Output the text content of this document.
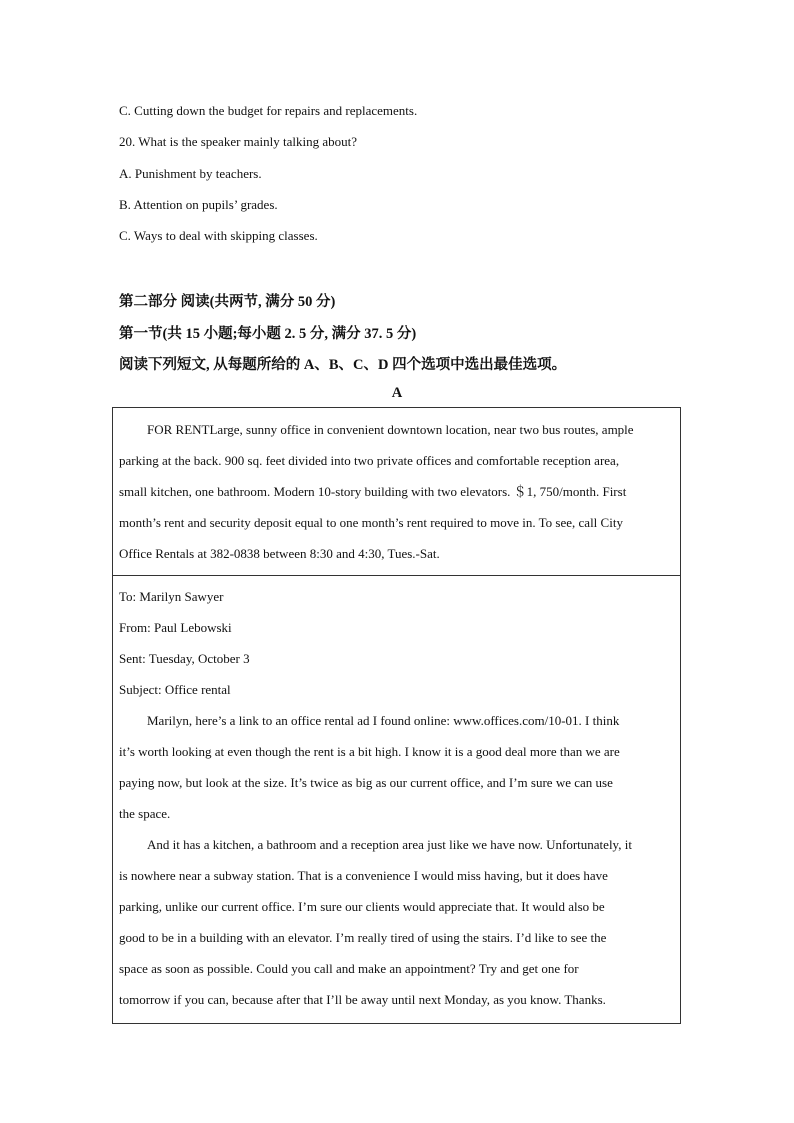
C. Cutting down the budget for repairs and replacements.
20. What is the speaker mainly talking about?
A. Punishment by teachers.
B. Attention on pupils’ grades.
C. Ways to deal with skipping classes.
第二部分 阅读(共两节, 满分 50 分)
第一节(共 15 小题;每小题 2. 5 分, 满分 37. 5 分)
阅读下列短文, 从每题所给的 A、B、C、D 四个选项中选出最佳选项。
A
FOR RENTLarge, sunny office in convenient downtown location, near two bus routes, ample
parking at the back. 900 sq. feet divided into two private offices and comfortable reception area,
small kitchen, one bathroom. Modern 10-story building with two elevators. ＄1, 750/month. First
month’s rent and security deposit equal to one month’s rent required to move in. To see, call City
Office Rentals at 382-0838 between 8:30 and 4:30, Tues.-Sat.
To: Marilyn Sawyer
From: Paul Lebowski
Sent: Tuesday, October 3
Subject: Office rental
Marilyn, here’s a link to an office rental ad I found online: www.offices.com/10-01. I think
it’s worth looking at even though the rent is a bit high. I know it is a good deal more than we are
paying now, but look at the size. It’s twice as big as our current office, and I’m sure we can use
the space.
And it has a kitchen, a bathroom and a reception area just like we have now. Unfortunately, it
is nowhere near a subway station. That is a convenience I would miss having, but it does have
parking, unlike our current office. I’m sure our clients would appreciate that. It would also be
good to be in a building with an elevator. I’m really tired of using the stairs. I’d like to see the
space as soon as possible. Could you call and make an appointment? Try and get one for
tomorrow if you can, because after that I’ll be away until next Monday, as you know. Thanks.
